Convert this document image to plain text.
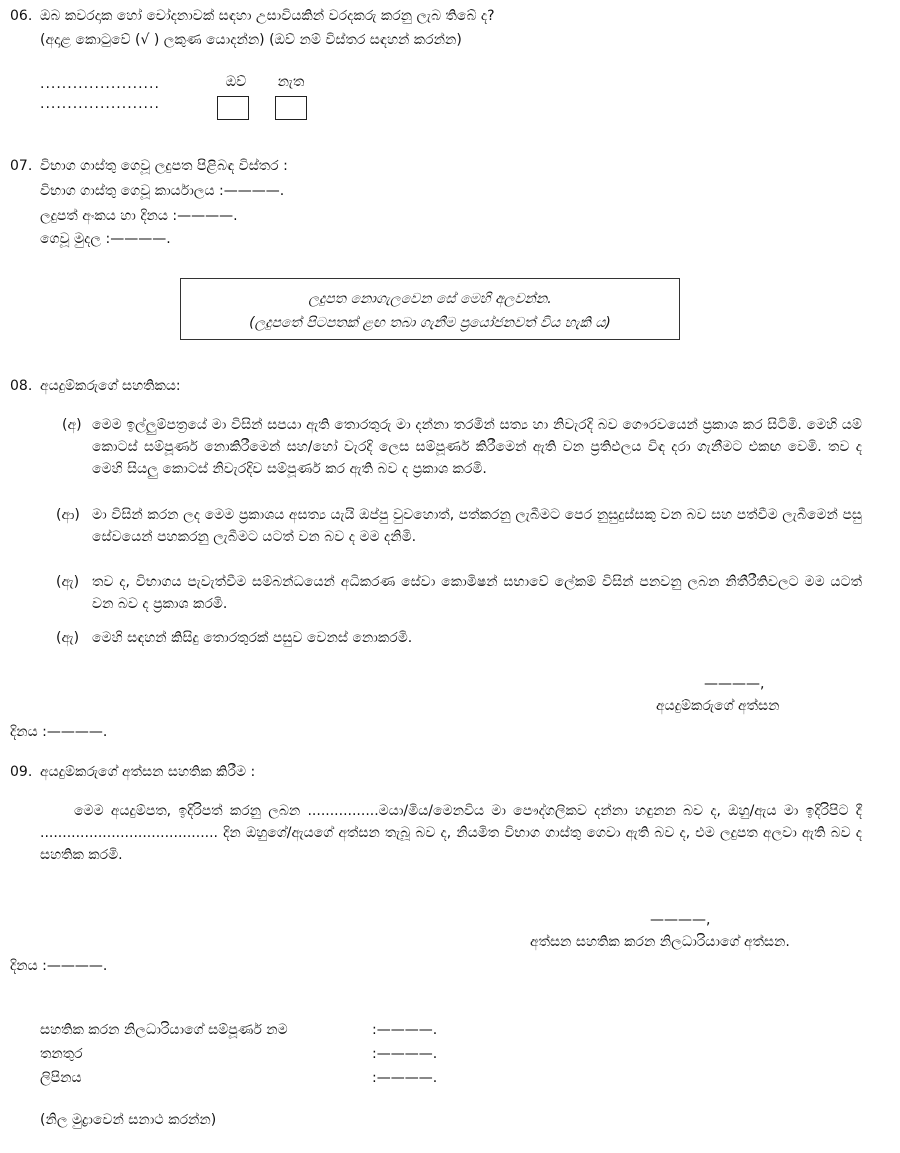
06. ඔබ කවරදාක හෝ චෝදනාවක් සඳහා උසාවියකින් වරදකරු කරනු ලැබ තිබේ ද?
(අදාළ කොටුවේ (√ ) ලකුණ යොදන්න) (ඔව් නම් විස්තර සඳහන් කරන්න)
......................
......................
ඔව්	නැත
07. විභාග ගාස්තු ගෙවූ ලදුපත පිළිබඳ විස්තර :
විභාග ගාස්තු ගෙවූ කාර්යාලය :————.
ලදුපත් අංකය හා දිනය :————.
ගෙවූ මුදල :————.
ලදුපත නොගැලවෙන සේ මෙහි අලවන්න.
(ලදුපතේ පිටපතක් ළඟ තබා ගැනීම ප්‍රයෝජනවත් විය හැකි ය)
08. අයදුම්කරුගේ සහතිකය:
(අ) මෙම ඉල්ලුම්පත්‍රයේ මා විසින් සපයා ඇති තොරතුරු මා දන්නා තරමින් සත්‍ය හා නිවැරදි බව ගෞරවයෙන් ප්‍රකාශ කර සිටිමි. මෙහි යම් කොටස් සම්පූර්ණ නොකිරීමෙන් සහ/හෝ වැරදි ලෙස සම්පූර්ණ කිරීමෙන් ඇති වන ප්‍රතිඵලය විඳ දරා ගැනීමට එකඟ වෙමි. තව ද මෙහි සියලු කොටස් නිවැරදිව සම්පූර්ණ කර ඇති බව ද ප්‍රකාශ කරමි.
(ආ) මා විසින් කරන ලද මෙම ප්‍රකාශය අසත්‍ය යැයි ඔප්පු වුවහොත්, පත්කරනු ලැබීමට පෙර නුසුදුස්සකු වන බව සහ පත්වීම ලැබීමෙන් පසු සේවයෙන් පහකරනු ලැබීමට යටත් වන බව ද මම දනිමි.
(ඇ) තව ද, විභාගය පැවැත්වීම සම්බන්ධයෙන් අධිකරණ සේවා කොමිෂන් සභාවේ ලේකම් විසින් පනවනු ලබන නිතීරීතිවලට මම යටත් වන බව ද ප්‍රකාශ කරමි.
(ඇ) මෙහි සඳහන් කිසිදු තොරතුරක් පසුව වෙනස් නොකරමි.
————,
අයදුම්කරුගේ අත්සන
දිනය :————.
09. අයදුම්කරුගේ අත්සන සහතික කිරීම :
මෙම අයදුම්පත, ඉදිරිපත් කරනු ලබන ................මයා/මිය/මෙනවිය මා පෞද්ගලිකව දන්නා හඳුනන බව ද, ඔහු/ඇය මා ඉදිරිපිට දී ........................................ දින ඔහුගේ/ඇයගේ අත්සන තැබූ බව ද, නියමිත විභාග ගාස්තු ගෙවා ඇති බව ද, එම ලදුපත අලවා ඇති බව ද සහතික කරමි.
————,
අත්සන සහතික කරන නිලධාරියාගේ අත්සන.
දිනය :————.
සහතික කරන නිලධාරියාගේ සම්පූර්ණ නම	:————.
තනතුර	:————.
ලිපිනය	:————.
(නිල මුද්‍රාවෙන් සනාථ කරන්න)
